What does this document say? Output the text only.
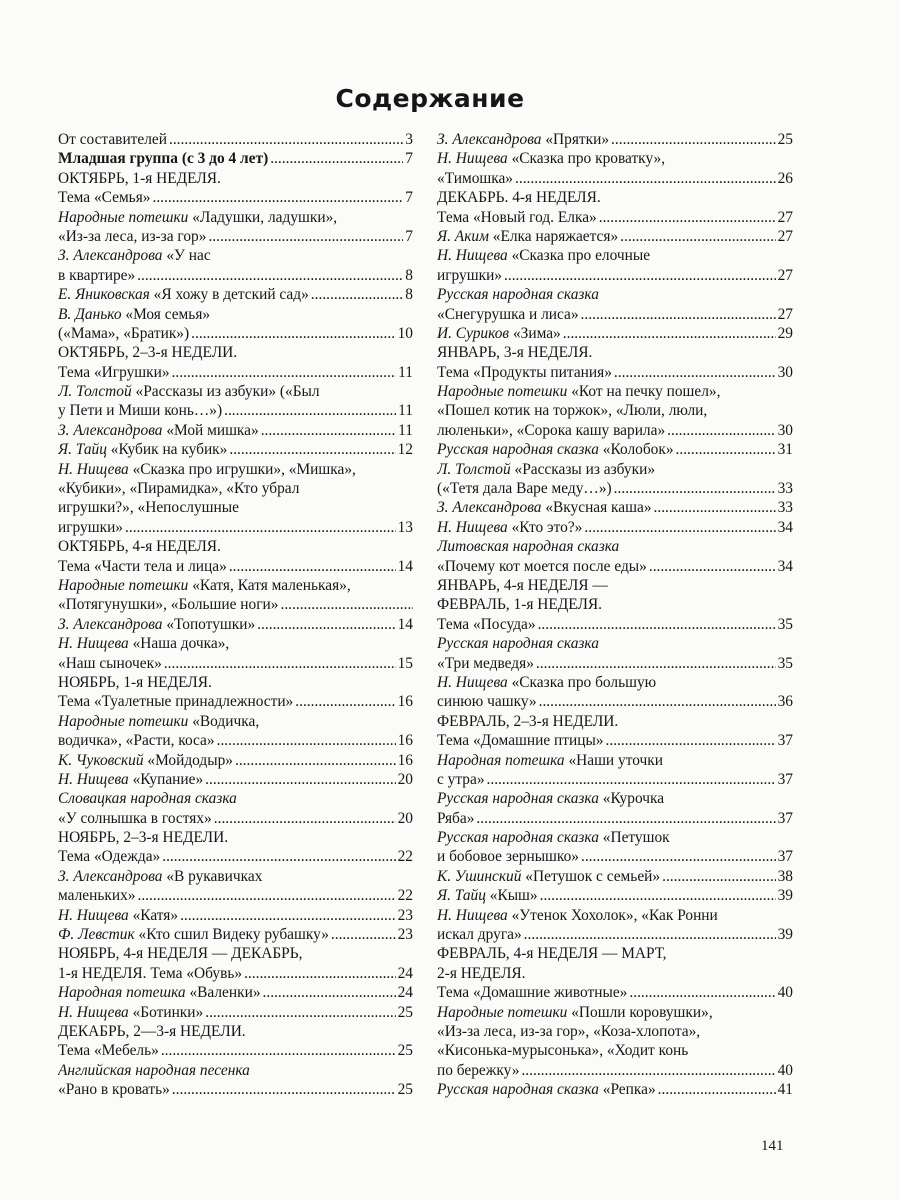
Содержание
От составителей .....	3
Младшая группа (с 3 до 4 лет) .....	7
ОКТЯБРЬ, 1-я НЕДЕЛЯ.
Тема «Семья» .....	7
Народные потешки «Ладушки, ладушки»,
«Из-за леса, из-за гор» .....	7
З. Александрова «У нас
в квартире» .....	8
Е. Яниковская «Я хожу в детский сад» .....	8
В. Данько «Моя семья»
(«Мама», «Братик») .....	10
ОКТЯБРЬ, 2–3-я НЕДЕЛИ.
Тема «Игрушки» .....	11
Л. Толстой «Рассказы из азбуки» («Был
у Пети и Миши конь…») .....	11
З. Александрова «Мой мишка» .....	11
Я. Тайц «Кубик на кубик» .....	12
Н. Нищева «Сказка про игрушки», «Мишка»,
«Кубики», «Пирамидка», «Кто убрал
игрушки?», «Непослушные
игрушки» .....	13
ОКТЯБРЬ, 4-я НЕДЕЛЯ.
Тема «Части тела и лица» .....	14
Народные потешки «Катя, Катя маленькая»,
«Потягунушки», «Большие ноги»
.....
З. Александрова «Топотушки» .....	14
Н. Нищева «Наша дочка»,
«Наш сыночек» .....	15
НОЯБРЬ, 1-я НЕДЕЛЯ.
Тема «Туалетные принадлежности» .....	16
Народные потешки «Водичка,
водичка», «Расти, коса» .....	16
К. Чуковский «Мойдодыр» .....	16
Н. Нищева «Купание» .....	20
Словацкая народная сказка
«У солнышка в гостях» .....	20
НОЯБРЬ, 2–3-я НЕДЕЛИ.
Тема «Одежда» .....	22
З. Александрова «В рукавичках
маленьких» .....	22
Н. Нищева «Катя» .....	23
Ф. Левстик «Кто сшил Видеку рубашку» .....	23
НОЯБРЬ, 4-я НЕДЕЛЯ — ДЕКАБРЬ,
1-я НЕДЕЛЯ. Тема «Обувь» .....	24
Народная потешка «Валенки» .....	24
Н. Нищева «Ботинки» .....	25
ДЕКАБРЬ, 2—3-я НЕДЕЛИ.
Тема «Мебель» .....	25
Английская народная песенка
«Рано в кровать» .....	25
З. Александрова «Прятки» .....	25
Н. Нищева «Сказка про кроватку»,
«Тимошка» .....	26
ДЕКАБРЬ. 4-я НЕДЕЛЯ.
Тема «Новый год. Елка» .....	27
Я. Аким «Елка наряжается» .....	27
Н. Нищева «Сказка про елочные
игрушки» .....	27
Русская народная сказка
«Снегурушка и лиса» .....	27
И. Суриков «Зима» .....	29
ЯНВАРЬ, 3-я НЕДЕЛЯ.
Тема «Продукты питания» .....	30
Народные потешки «Кот на печку пошел»,
«Пошел котик на торжок», «Люли, люли,
люленьки», «Сорока кашу варила» .....	30
Русская народная сказка «Колобок» .....	31
Л. Толстой «Рассказы из азбуки»
(«Тетя дала Варе меду…») .....	33
З. Александрова «Вкусная каша» .....	33
Н. Нищева «Кто это?» .....	34
Литовская народная сказка
«Почему кот моется после еды» .....	34
ЯНВАРЬ, 4-я НЕДЕЛЯ —
ФЕВРАЛЬ, 1-я НЕДЕЛЯ.
Тема «Посуда» .....	35
Русская народная сказка
«Три медведя» .....	35
Н. Нищева «Сказка про большую
синюю чашку» .....	36
ФЕВРАЛЬ, 2–3-я НЕДЕЛИ.
Тема «Домашние птицы» .....	37
Народная потешка «Наши уточки
с утра» .....	37
Русская народная сказка «Курочка
Ряба» .....	37
Русская народная сказка «Петушок
и бобовое зернышко» .....	37
К. Ушинский «Петушок с семьей» .....	38
Я. Тайц «Кыш» .....	39
Н. Нищева «Утенок Хохолок», «Как Ронни
искал друга» .....	39
ФЕВРАЛЬ, 4-я НЕДЕЛЯ — МАРТ,
2-я НЕДЕЛЯ.
Тема «Домашние животные» .....	40
Народные потешки «Пошли коровушки»,
«Из-за леса, из-за гор», «Коза-хлопота»,
«Кисонька-мурысонька», «Ходит конь
по бережку» .....	40
Русская народная сказка «Репка» .....	41
141
